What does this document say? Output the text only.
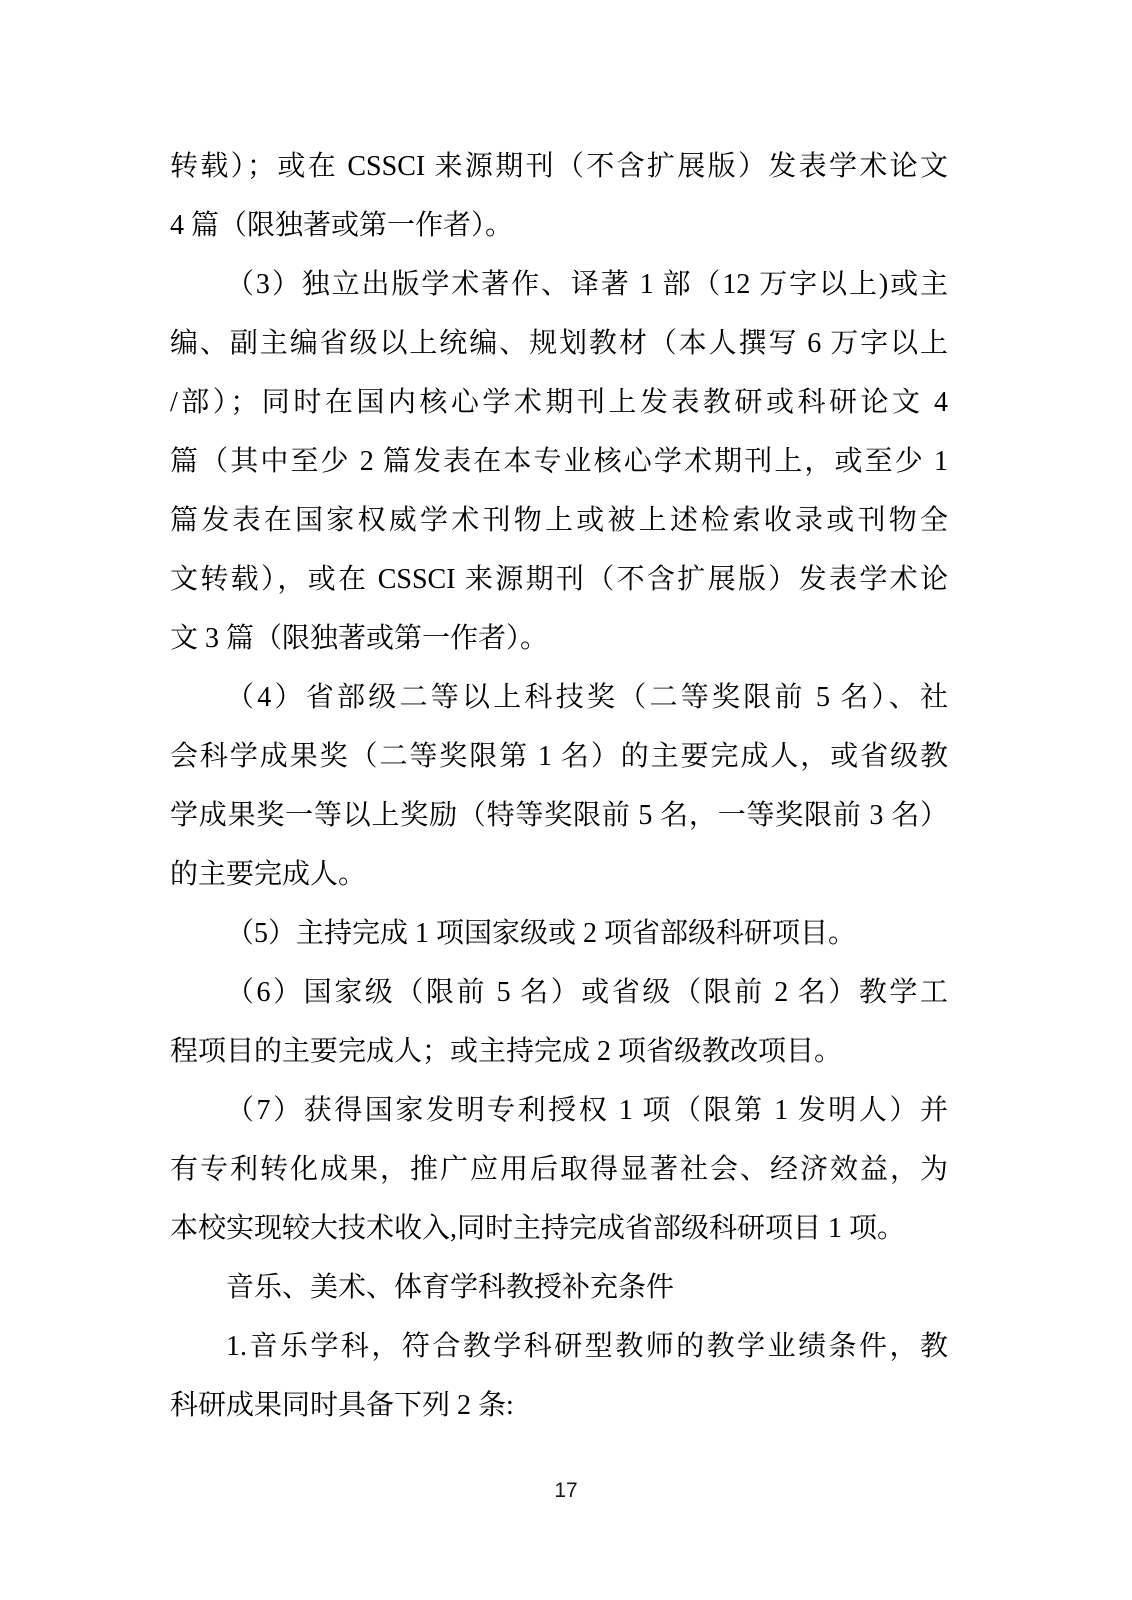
转载）；或在 CSSCI 来源期刊（不含扩展版）发表学术论文
4 篇（限独著或第一作者）。
（3）独立出版学术著作、译著 1 部（12 万字以上)或主
编、副主编省级以上统编、规划教材（本人撰写 6 万字以上
/部）；同时在国内核心学术期刊上发表教研或科研论文 4
篇（其中至少 2 篇发表在本专业核心学术期刊上，或至少 1
篇发表在国家权威学术刊物上或被上述检索收录或刊物全
文转载），或在 CSSCI 来源期刊（不含扩展版）发表学术论
文 3 篇（限独著或第一作者）。
（4）省部级二等以上科技奖（二等奖限前 5 名）、社
会科学成果奖（二等奖限第 1 名）的主要完成人，或省级教
学成果奖一等以上奖励（特等奖限前 5 名，一等奖限前 3 名）
的主要完成人。
（5）主持完成 1 项国家级或 2 项省部级科研项目。
（6）国家级（限前 5 名）或省级（限前 2 名）教学工
程项目的主要完成人；或主持完成 2 项省级教改项目。
（7）获得国家发明专利授权 1 项（限第 1 发明人）并
有专利转化成果，推广应用后取得显著社会、经济效益，为
本校实现较大技术收入,同时主持完成省部级科研项目 1 项。
音乐、美术、体育学科教授补充条件
1.音乐学科，符合教学科研型教师的教学业绩条件，教
科研成果同时具备下列 2 条:
17
